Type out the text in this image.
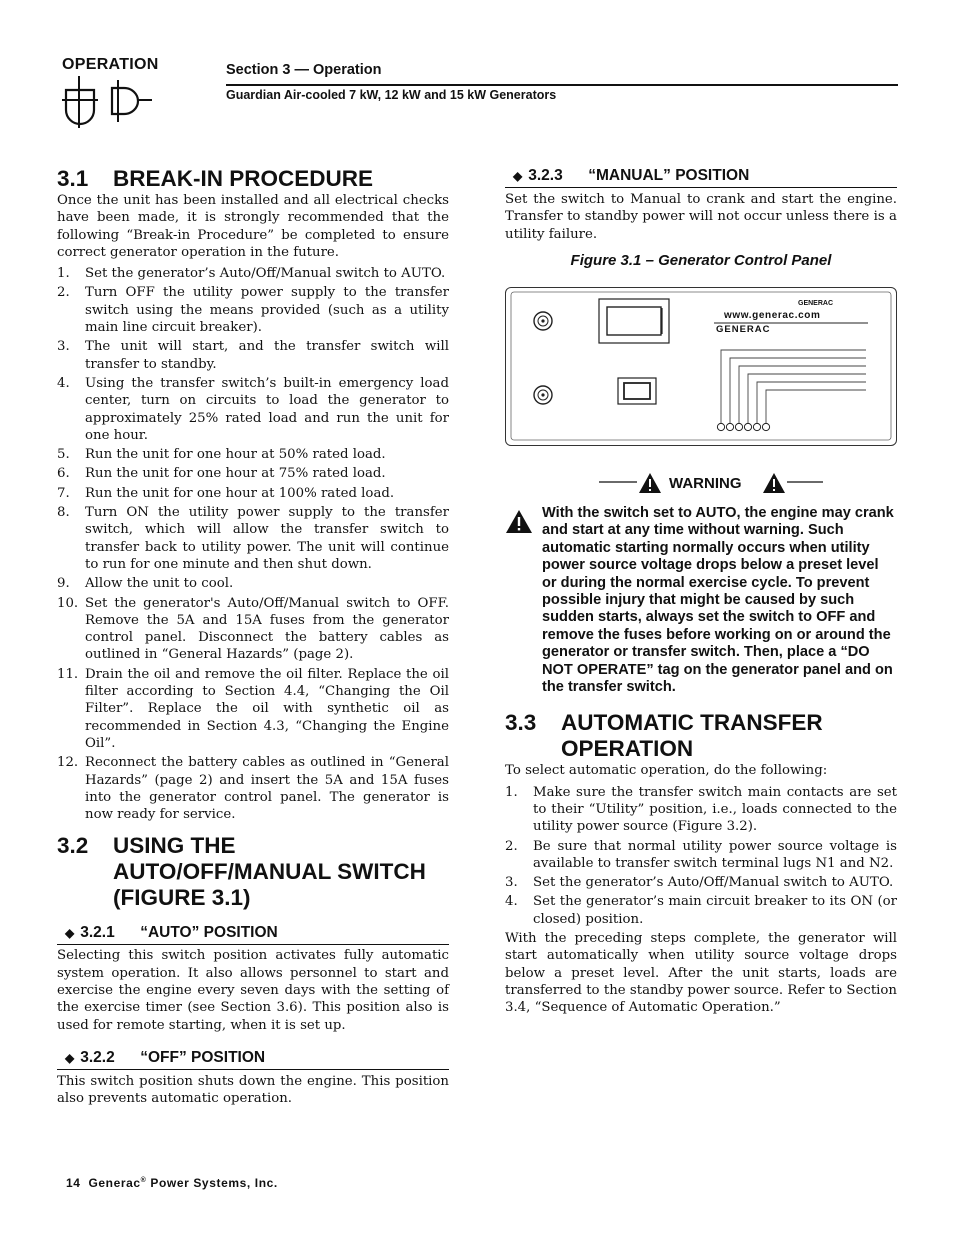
OPERATION	Section 3 — Operation
Guardian Air-cooled 7 kW, 12 kW and 15 kW Generators
3.1 BREAK-IN PROCEDURE

Once the unit has been installed and all electrical checks have been made, it is strongly recommended that the following “Break-in Procedure” be completed to ensure correct generator operation in the future.

1. Set the generator’s Auto/Off/Manual switch to AUTO.
2. Turn OFF the utility power supply to the transfer switch using the means provided (such as a utility main line circuit breaker).
3. The unit will start, and the transfer switch will transfer to standby.
4. Using the transfer switch’s built-in emergency load center, turn on circuits to load the generator to approximately 25% rated load and run the unit for one hour.
5. Run the unit for one hour at 50% rated load.
6. Run the unit for one hour at 75% rated load.
7. Run the unit for one hour at 100% rated load.
8. Turn ON the utility power supply to the transfer switch, which will allow the transfer switch to transfer back to utility power. The unit will continue to run for one minute and then shut down.
9. Allow the unit to cool.
10. Set the generator's Auto/Off/Manual switch to OFF. Remove the 5A and 15A fuses from the generator control panel. Disconnect the battery cables as outlined in “General Hazards” (page 2).
11. Drain the oil and remove the oil filter. Replace the oil filter according to Section 4.4, “Changing the Oil Filter”. Replace the oil with synthetic oil as recommended in Section 4.3, “Changing the Engine Oil”.
12. Reconnect the battery cables as outlined in “General Hazards” (page 2) and insert the 5A and 15A fuses into the generator control panel. The generator is now ready for service.
3.2 USING THE AUTO/OFF/MANUAL SWITCH (FIGURE 3.1)
◆ 3.2.1 “AUTO” POSITION

Selecting this switch position activates fully automatic system operation. It also allows personnel to start and exercise the engine every seven days with the setting of the exercise timer (see Section 3.6). This position also is used for remote starting, when it is set up.

◆ 3.2.2 “OFF” POSITION

This switch position shuts down the engine. This position also prevents automatic operation.

◆ 3.2.3 “MANUAL” POSITION

Set the switch to Manual to crank and start the engine. Transfer to standby power will not occur unless there is a utility failure.

Figure 3.1 – Generator Control Panel

GENERAC
www.generac.com
GENERAC
WARNING
With the switch set to AUTO, the engine may crank and start at any time without warning. Such automatic starting normally occurs when utility power source voltage drops below a preset level or during the normal exercise cycle. To prevent possible injury that might be caused by such sudden starts, always set the switch to OFF and remove the fuses before working on or around the generator or transfer switch. Then, place a “DO NOT OPERATE” tag on the generator panel and on the transfer switch.
3.3 AUTOMATIC TRANSFER OPERATION

To select automatic operation, do the following:

1. Make sure the transfer switch main contacts are set to their “Utility” position, i.e., loads connected to the utility power source (Figure 3.2).
2. Be sure that normal utility power source voltage is available to transfer switch terminal lugs N1 and N2.
3. Set the generator’s Auto/Off/Manual switch to AUTO.
4. Set the generator’s main circuit breaker to its ON (or closed) position.

With the preceding steps complete, the generator will start automatically when utility source voltage drops below a preset level. After the unit starts, loads are transferred to the standby power source. Refer to Section 3.4, “Sequence of Automatic Operation.”

14 Generac® Power Systems, Inc.
